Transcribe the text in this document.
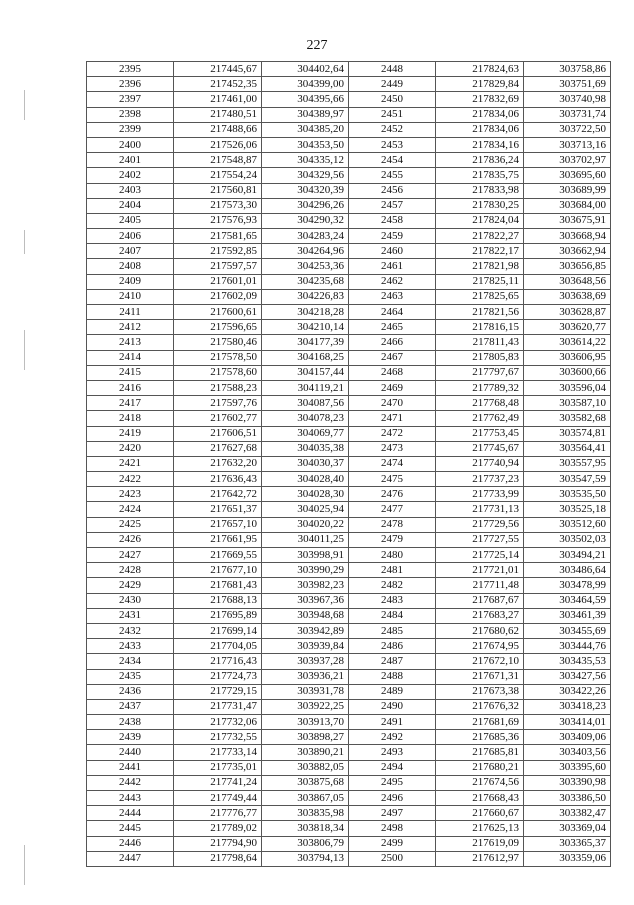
227
2395	217445,67	304402,64	2448	217824,63	303758,86
2396	217452,35	304399,00	2449	217829,84	303751,69
2397	217461,00	304395,66	2450	217832,69	303740,98
2398	217480,51	304389,97	2451	217834,06	303731,74
2399	217488,66	304385,20	2452	217834,06	303722,50
2400	217526,06	304353,50	2453	217834,16	303713,16
2401	217548,87	304335,12	2454	217836,24	303702,97
2402	217554,24	304329,56	2455	217835,75	303695,60
2403	217560,81	304320,39	2456	217833,98	303689,99
2404	217573,30	304296,26	2457	217830,25	303684,00
2405	217576,93	304290,32	2458	217824,04	303675,91
2406	217581,65	304283,24	2459	217822,27	303668,94
2407	217592,85	304264,96	2460	217822,17	303662,94
2408	217597,57	304253,36	2461	217821,98	303656,85
2409	217601,01	304235,68	2462	217825,11	303648,56
2410	217602,09	304226,83	2463	217825,65	303638,69
2411	217600,61	304218,28	2464	217821,56	303628,87
2412	217596,65	304210,14	2465	217816,15	303620,77
2413	217580,46	304177,39	2466	217811,43	303614,22
2414	217578,50	304168,25	2467	217805,83	303606,95
2415	217578,60	304157,44	2468	217797,67	303600,66
2416	217588,23	304119,21	2469	217789,32	303596,04
2417	217597,76	304087,56	2470	217768,48	303587,10
2418	217602,77	304078,23	2471	217762,49	303582,68
2419	217606,51	304069,77	2472	217753,45	303574,81
2420	217627,68	304035,38	2473	217745,67	303564,41
2421	217632,20	304030,37	2474	217740,94	303557,95
2422	217636,43	304028,40	2475	217737,23	303547,59
2423	217642,72	304028,30	2476	217733,99	303535,50
2424	217651,37	304025,94	2477	217731,13	303525,18
2425	217657,10	304020,22	2478	217729,56	303512,60
2426	217661,95	304011,25	2479	217727,55	303502,03
2427	217669,55	303998,91	2480	217725,14	303494,21
2428	217677,10	303990,29	2481	217721,01	303486,64
2429	217681,43	303982,23	2482	217711,48	303478,99
2430	217688,13	303967,36	2483	217687,67	303464,59
2431	217695,89	303948,68	2484	217683,27	303461,39
2432	217699,14	303942,89	2485	217680,62	303455,69
2433	217704,05	303939,84	2486	217674,95	303444,76
2434	217716,43	303937,28	2487	217672,10	303435,53
2435	217724,73	303936,21	2488	217671,31	303427,56
2436	217729,15	303931,78	2489	217673,38	303422,26
2437	217731,47	303922,25	2490	217676,32	303418,23
2438	217732,06	303913,70	2491	217681,69	303414,01
2439	217732,55	303898,27	2492	217685,36	303409,06
2440	217733,14	303890,21	2493	217685,81	303403,56
2441	217735,01	303882,05	2494	217680,21	303395,60
2442	217741,24	303875,68	2495	217674,56	303390,98
2443	217749,44	303867,05	2496	217668,43	303386,50
2444	217776,77	303835,98	2497	217660,67	303382,47
2445	217789,02	303818,34	2498	217625,13	303369,04
2446	217794,90	303806,79	2499	217619,09	303365,37
2447	217798,64	303794,13	2500	217612,97	303359,06
